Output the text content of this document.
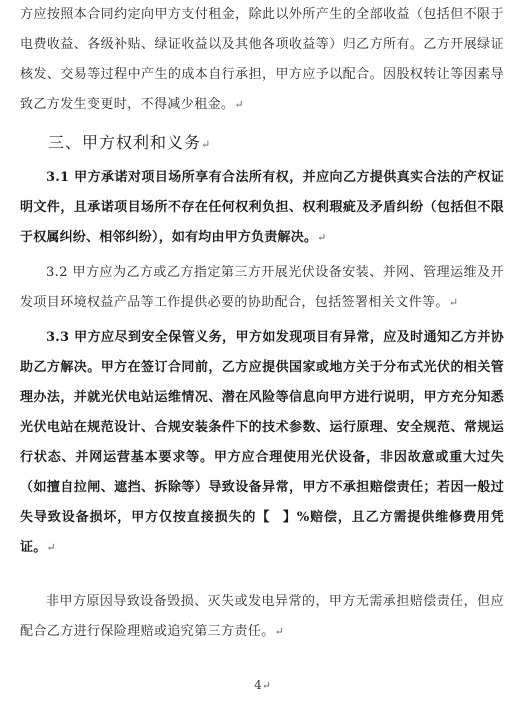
方应按照本合同约定向甲方支付租金，除此以外所产生的全部收益（包括但不限于电费收益、各级补贴、绿证收益以及其他各项收益等）归乙方所有。乙方开展绿证核发、交易等过程中产生的成本自行承担，甲方应予以配合。因股权转让等因素导致乙方发生变更时，不得减少租金。↵

三、甲方权利和义务↵

3.1 甲方承诺对项目场所享有合法所有权，并应向乙方提供真实合法的产权证明文件，且承诺项目场所不存在任何权利负担、权利瑕疵及矛盾纠纷（包括但不限于权属纠纷、相邻纠纷），如有均由甲方负责解决。↵

3.2 甲方应为乙方或乙方指定第三方开展光伏设备安装、并网、管理运维及开发项目环境权益产品等工作提供必要的协助配合，包括签署相关文件等。↵

3.3 甲方应尽到安全保管义务，甲方如发现项目有异常，应及时通知乙方并协助乙方解决。甲方在签订合同前，乙方应提供国家或地方关于分布式光伏的相关管理办法，并就光伏电站运维情况、潜在风险等信息向甲方进行说明，甲方充分知悉光伏电站在规范设计、合规安装条件下的技术参数、运行原理、安全规范、常规运行状态、并网运营基本要求等。甲方应合理使用光伏设备，非因故意或重大过失（如擅自拉闸、遮挡、拆除等）导致设备异常，甲方不承担赔偿责任；若因一般过失导致设备损坏，甲方仅按直接损失的【 】%赔偿，且乙方需提供维修费用凭证。↵

非甲方原因导致设备毁损、灭失或发电异常的，甲方无需承担赔偿责任，但应配合乙方进行保险理赔或追究第三方责任。↵

4↵
